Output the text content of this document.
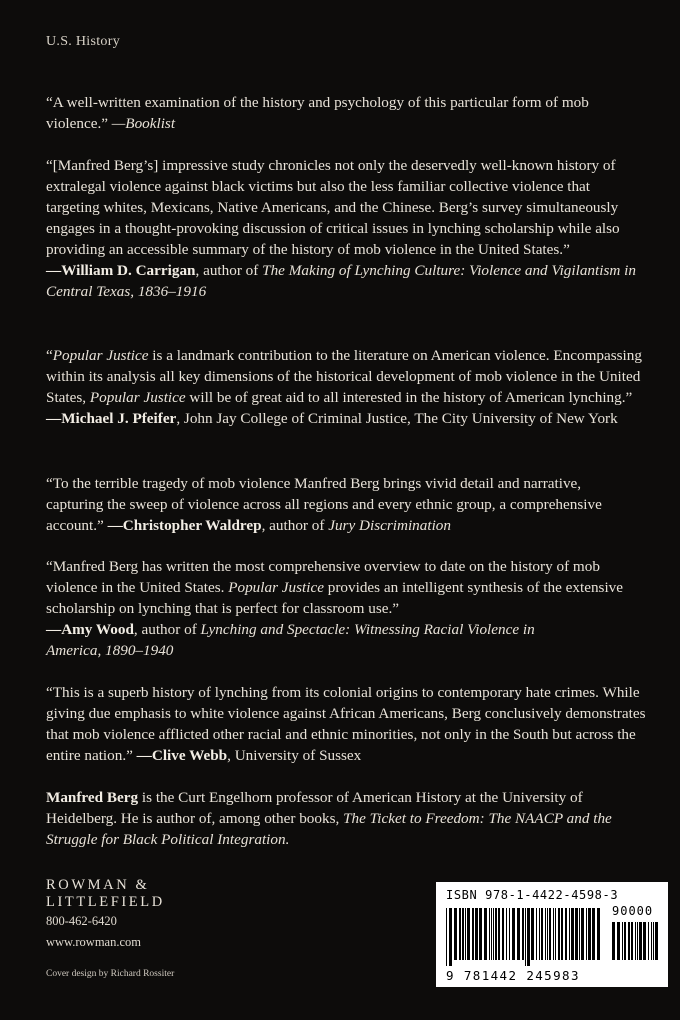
U.S. History
“A well-written examination of the history and psychology of this particular form of mob violence.” —Booklist
“[Manfred Berg’s] impressive study chronicles not only the deservedly well-known history of extralegal violence against black victims but also the less familiar collective violence that targeting whites, Mexicans, Native Americans, and the Chinese. Berg’s survey simultaneously engages in a thought-provoking discussion of critical issues in lynching scholarship while also providing an accessible summary of the history of mob violence in the United States.”
—William D. Carrigan, author of The Making of Lynching Culture: Violence and Vigilantism in Central Texas, 1836–1916
“Popular Justice is a landmark contribution to the literature on American violence. Encompassing within its analysis all key dimensions of the historical development of mob violence in the United States, Popular Justice will be of great aid to all interested in the history of American lynching.”
—Michael J. Pfeifer, John Jay College of Criminal Justice, The City University of New York
“To the terrible tragedy of mob violence Manfred Berg brings vivid detail and narrative, capturing the sweep of violence across all regions and every ethnic group, a comprehensive account.” —Christopher Waldrep, author of Jury Discrimination
“Manfred Berg has written the most comprehensive overview to date on the history of mob violence in the United States. Popular Justice provides an intelligent synthesis of the extensive scholarship on lynching that is perfect for classroom use.”
—Amy Wood, author of Lynching and Spectacle: Witnessing Racial Violence in America, 1890–1940
“This is a superb history of lynching from its colonial origins to contemporary hate crimes. While giving due emphasis to white violence against African Americans, Berg conclusively demonstrates that mob violence afflicted other racial and ethnic minorities, not only in the South but across the entire nation.” —Clive Webb, University of Sussex
Manfred Berg is the Curt Engelhorn professor of American History at the University of Heidelberg. He is author of, among other books, The Ticket to Freedom: The NAACP and the Struggle for Black Political Integration.
ROWMAN &
LITTLEFIELD
800-462-6420
www.rowman.com
Cover design by Richard Rossiter
ISBN 978-1-4422-4598-3
90000
9 781442 245983
